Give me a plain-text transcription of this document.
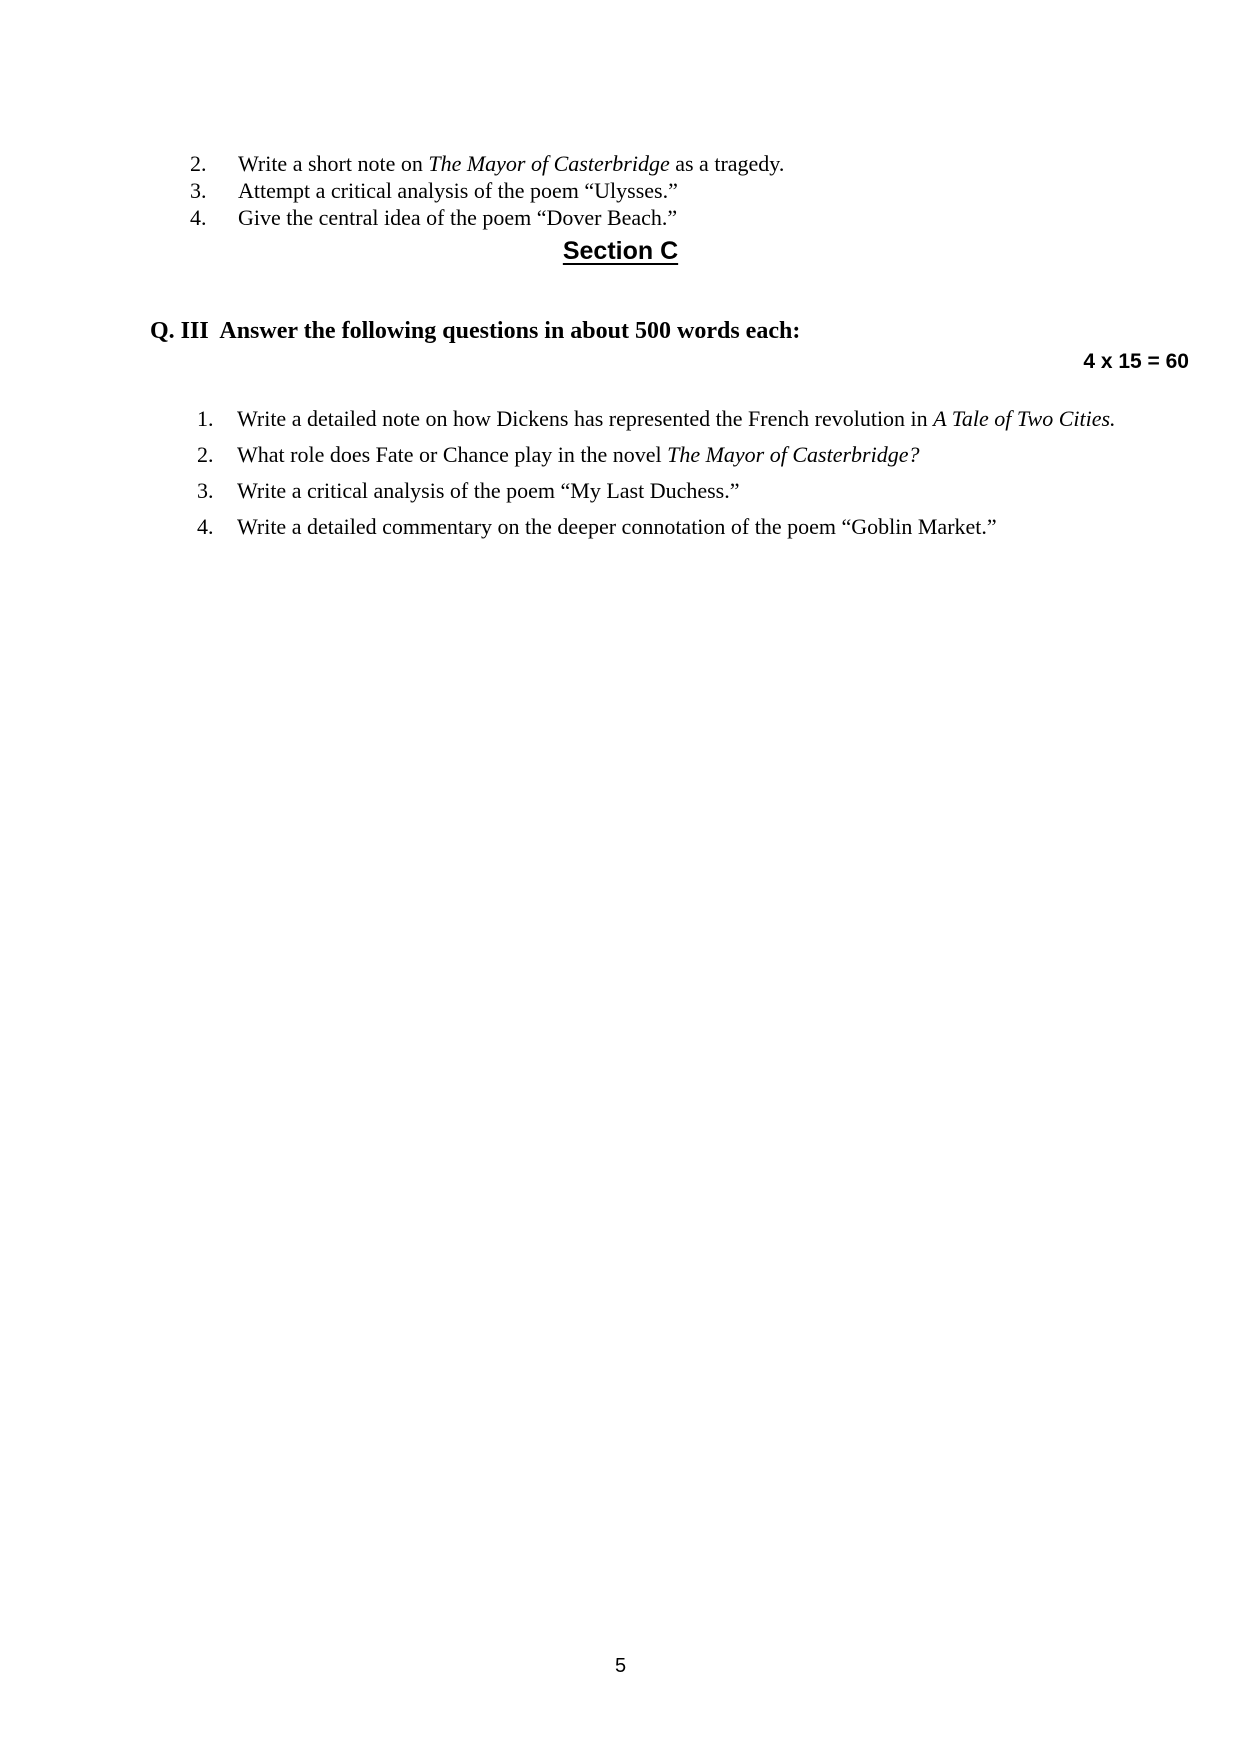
2.	Write a short note on The Mayor of Casterbridge as a tragedy.
3.	Attempt a critical analysis of the poem “Ulysses.”
4.	Give the central idea of the poem “Dover Beach.”
Section C
Q. III  Answer the following questions in about 500 words each:
4 x 15 = 60
1.	Write a detailed note on how Dickens has represented the French revolution in A Tale of Two Cities.
2.	What role does Fate or Chance play in the novel The Mayor of Casterbridge?
3.	Write a critical analysis of the poem “My Last Duchess.”
4.	Write a detailed commentary on the deeper connotation of the poem “Goblin Market.”
5
